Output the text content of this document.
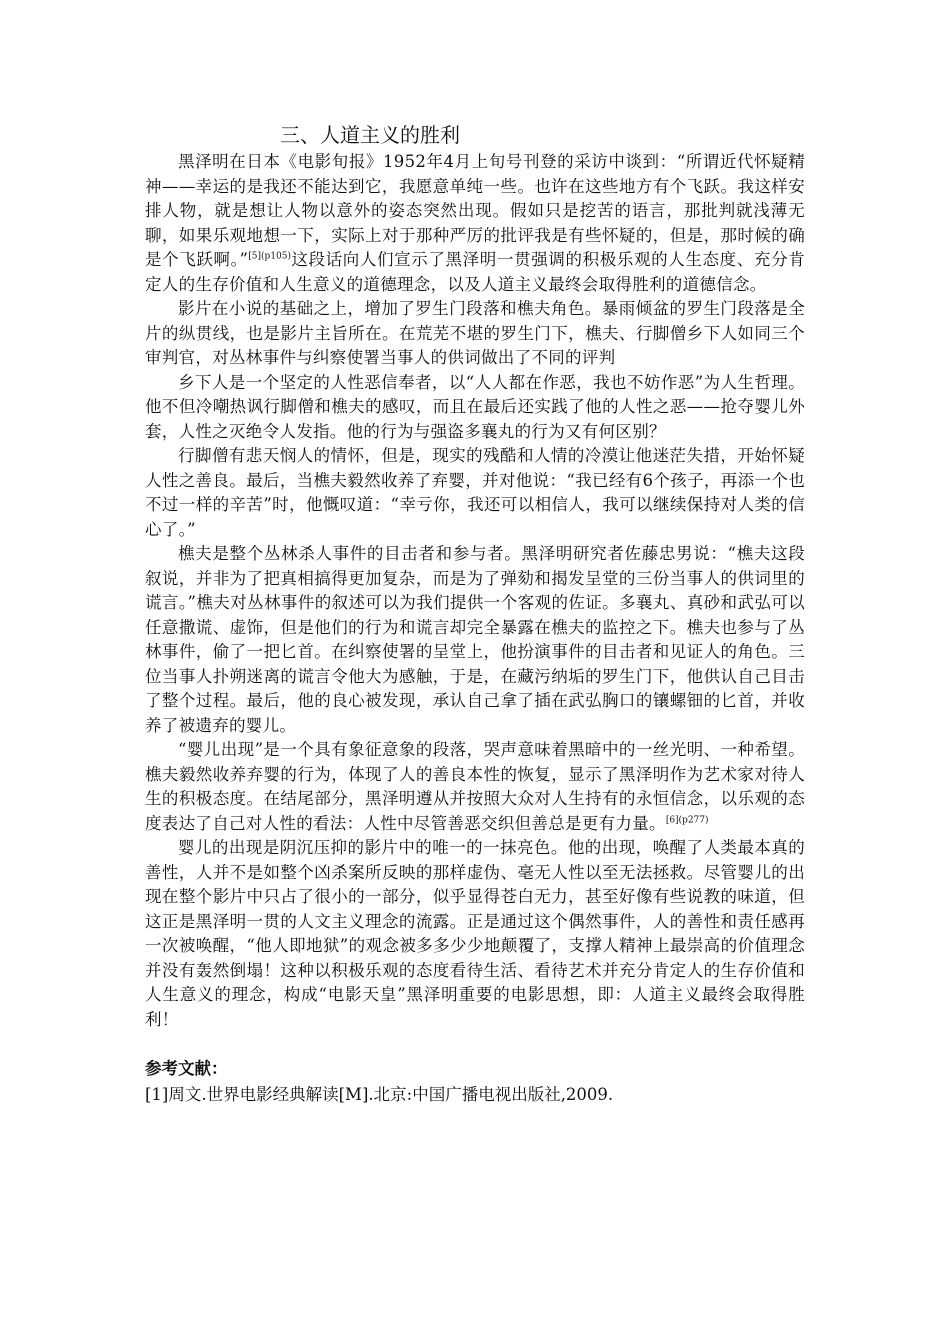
三、人道主义的胜利

黑泽明在日本《电影旬报》1952年4月上旬号刊登的采访中谈到：“所谓近代怀疑精神——幸运的是我还不能达到它，我愿意单纯一些。也许在这些地方有个飞跃。我这样安排人物，就是想让人物以意外的姿态突然出现。假如只是挖苦的语言，那批判就浅薄无聊，如果乐观地想一下，实际上对于那种严厉的批评我是有些怀疑的，但是，那时候的确是个飞跃啊。”$^{[5](p105)}$这段话向人们宣示了黑泽明一贯强调的积极乐观的人生态度、充分肯定人的生存价值和人生意义的道德理念，以及人道主义最终会取得胜利的道德信念。

影片在小说的基础之上，增加了罗生门段落和樵夫角色。暴雨倾盆的罗生门段落是全片的纵贯线，也是影片主旨所在。在荒芜不堪的罗生门下，樵夫、行脚僧乡下人如同三个审判官，对丛林事件与纠察使署当事人的供词做出了不同的评判

乡下人是一个坚定的人性恶信奉者，以“人人都在作恶，我也不妨作恶”为人生哲理。他不但冷嘲热讽行脚僧和樵夫的感叹，而且在最后还实践了他的人性之恶——抢夺婴儿外套，人性之灭绝令人发指。他的行为与强盗多襄丸的行为又有何区别？

行脚僧有悲天悯人的情怀，但是，现实的残酷和人情的冷漠让他迷茫失措，开始怀疑人性之善良。最后，当樵夫毅然收养了弃婴，并对他说：“我已经有6个孩子，再添一个也不过一样的辛苦”时，他慨叹道：“幸亏你，我还可以相信人，我可以继续保持对人类的信心了。”

樵夫是整个丛林杀人事件的目击者和参与者。黑泽明研究者佐藤忠男说：“樵夫这段叙说，并非为了把真相搞得更加复杂，而是为了弹劾和揭发呈堂的三份当事人的供词里的谎言。”樵夫对丛林事件的叙述可以为我们提供一个客观的佐证。多襄丸、真砂和武弘可以任意撒谎、虚饰，但是他们的行为和谎言却完全暴露在樵夫的监控之下。樵夫也参与了丛林事件，偷了一把匕首。在纠察使署的呈堂上，他扮演事件的目击者和见证人的角色。三位当事人扑朔迷离的谎言令他大为感触，于是，在藏污纳垢的罗生门下，他供认自己目击了整个过程。最后，他的良心被发现，承认自己拿了插在武弘胸口的镶螺钿的匕首，并收养了被遗弃的婴儿。

“婴儿出现”是一个具有象征意象的段落，哭声意味着黑暗中的一丝光明、一种希望。樵夫毅然收养弃婴的行为，体现了人的善良本性的恢复，显示了黑泽明作为艺术家对待人生的积极态度。在结尾部分，黑泽明遵从并按照大众对人生持有的永恒信念，以乐观的态度表达了自己对人性的看法：人性中尽管善恶交织但善总是更有力量。$^{[6](p277)}$

婴儿的出现是阴沉压抑的影片中的唯一的一抹亮色。他的出现，唤醒了人类最本真的善性，人并不是如整个凶杀案所反映的那样虚伪、毫无人性以至无法拯救。尽管婴儿的出现在整个影片中只占了很小的一部分，似乎显得苍白无力，甚至好像有些说教的味道，但这正是黑泽明一贯的人文主义理念的流露。正是通过这个偶然事件，人的善性和责任感再一次被唤醒，“他人即地狱”的观念被多多少少地颠覆了，支撑人精神上最崇高的价值理念并没有轰然倒塌！这种以积极乐观的态度看待生活、看待艺术并充分肯定人的生存价值和人生意义的理念，构成“电影天皇”黑泽明重要的电影思想，即：人道主义最终会取得胜利！

参考文献：

[1]周文.世界电影经典解读[M].北京:中国广播电视出版社,2009.
